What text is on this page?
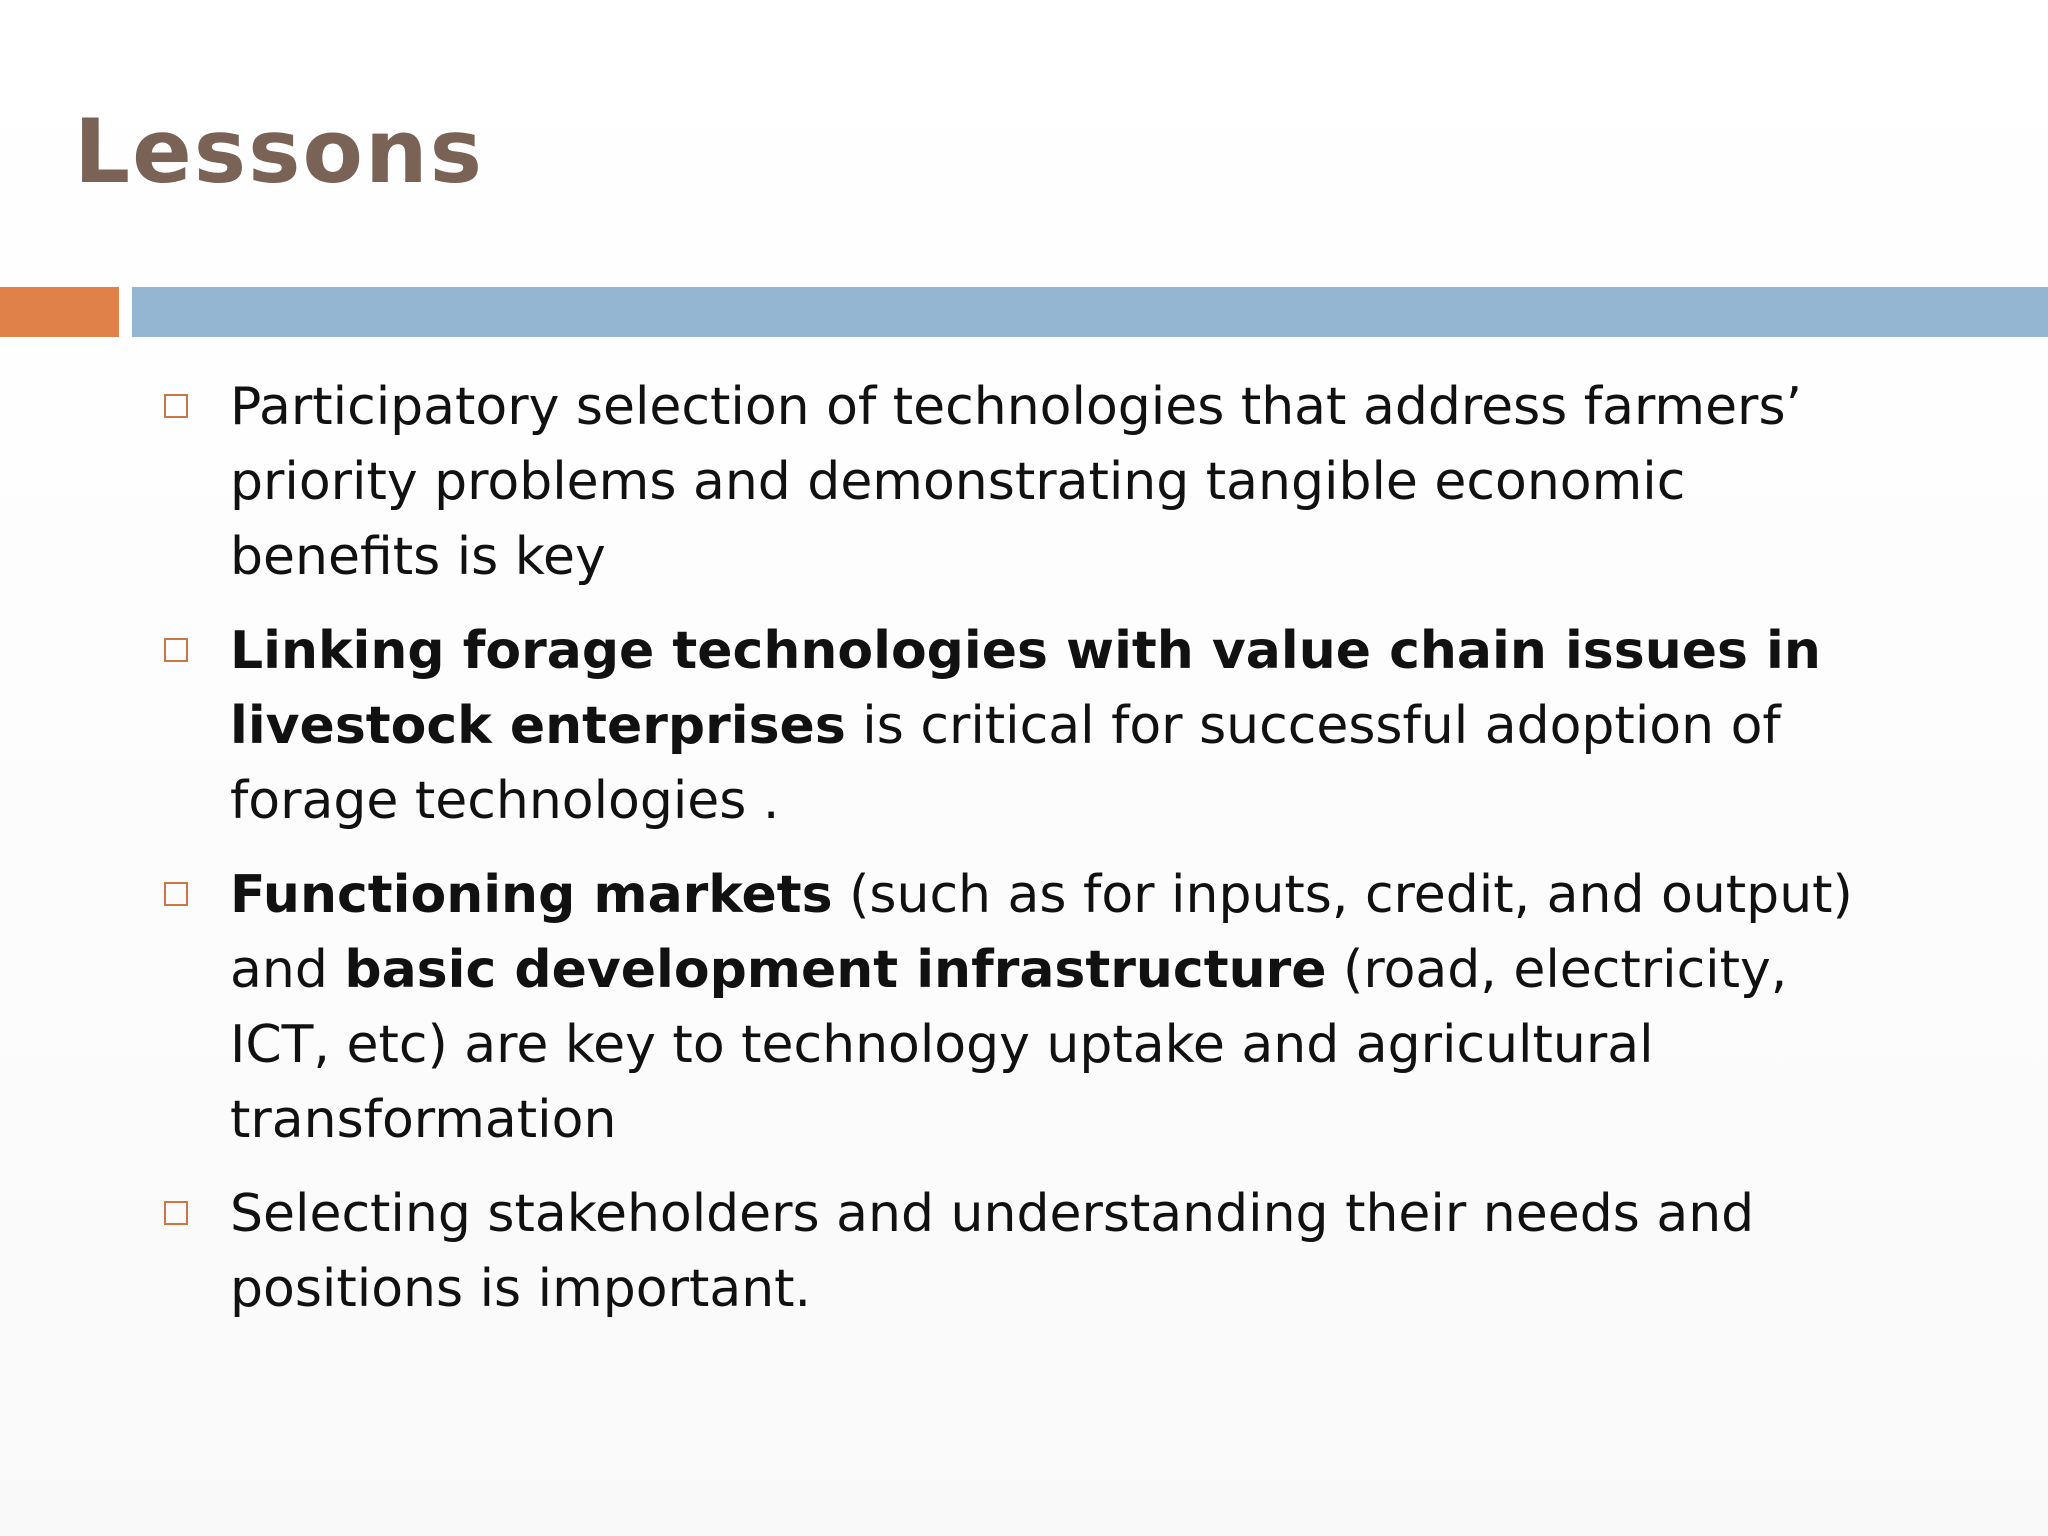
Lessons
Participatory selection of technologies that address farmers’ priority problems and demonstrating tangible economic benefits is key
Linking forage technologies with value chain issues in livestock enterprises is critical for successful adoption of forage technologies .
Functioning markets (such as for inputs, credit, and output) and basic development infrastructure (road, electricity, ICT, etc) are key to technology uptake and agricultural transformation
Selecting stakeholders and understanding their needs and positions is important.
